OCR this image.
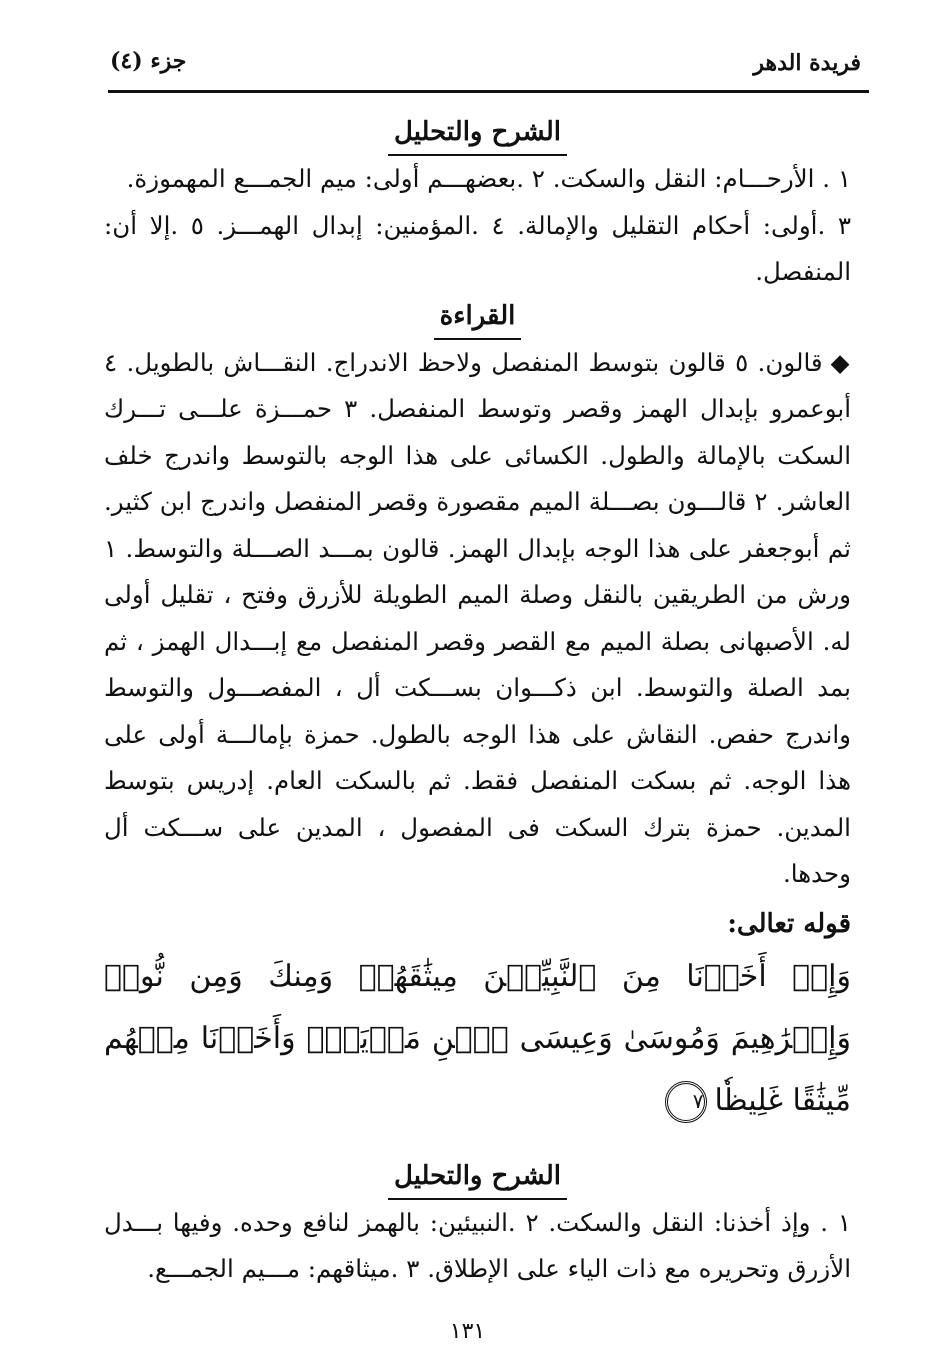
فريدة الدهر
جزء (٤)
الشرح والتحليل

١ . الأرحـــام: النقل والسكت. ٢ .بعضهـــم أولى: ميم الجمـــع المهموزة.

٣ .أولى: أحكام التقليل والإمالة. ٤ .المؤمنين: إبدال الهمـــز. ٥ .إلا أن: المنفصل.

القراءة

◆قالون. ٥ قالون بتوسط المنفصل ولاحظ الاندراج. النقـــاش بالطويل. ٤ أبوعمرو بإبدال الهمز وقصر وتوسط المنفصل. ٣ حمـــزة علـــى تـــرك السكت بالإمالة والطول. الكسائى على هذا الوجه بالتوسط واندرج خلف العاشر. ٢ قالـــون بصـــلة الميم مقصورة وقصر المنفصل واندرج ابن كثير. ثم أبوجعفر على هذا الوجه بإبدال الهمز. قالون بمـــد الصـــلة والتوسط. ١ ورش من الطريقين بالنقل وصلة الميم الطويلة للأزرق وفتح ، تقليل أولى له. الأصبهانى بصلة الميم مع القصر وقصر المنفصل مع إبـــدال الهمز ، ثم بمد الصلة والتوسط. ابن ذكـــوان بســـكت أل ، المفصـــول والتوسط واندرج حفص. النقاش على هذا الوجه بالطول. حمزة بإمالـــة أولى على هذا الوجه. ثم بسكت المنفصل فقط. ثم بالسكت العام. إدريس بتوسط المدين. حمزة بترك السكت فى المفصول ، المدين على ســـكت أل وحدها.

قوله تعالى:

وَإِذۡ أَخَذۡنَا مِنَ ٱلنَّبِيِّـۧنَ مِيثَٰقَهُمۡ وَمِنكَ وَمِن نُّوحٖ وَإِبۡرَٰهِيمَ وَمُوسَىٰ وَعِيسَى ٱبۡنِ مَرۡيَمَۖ وَأَخَذۡنَا مِنۡهُم مِّيثَٰقًا غَلِيظٗا٧

الشرح والتحليل

١ . وإذ أخذنا: النقل والسكت. ٢ .النبيئين: بالهمز لنافع وحده. وفيها بـــدل الأزرق وتحريره مع ذات الياء على الإطلاق. ٣ .ميثاقهم: مـــيم الجمـــع.

١٣١
